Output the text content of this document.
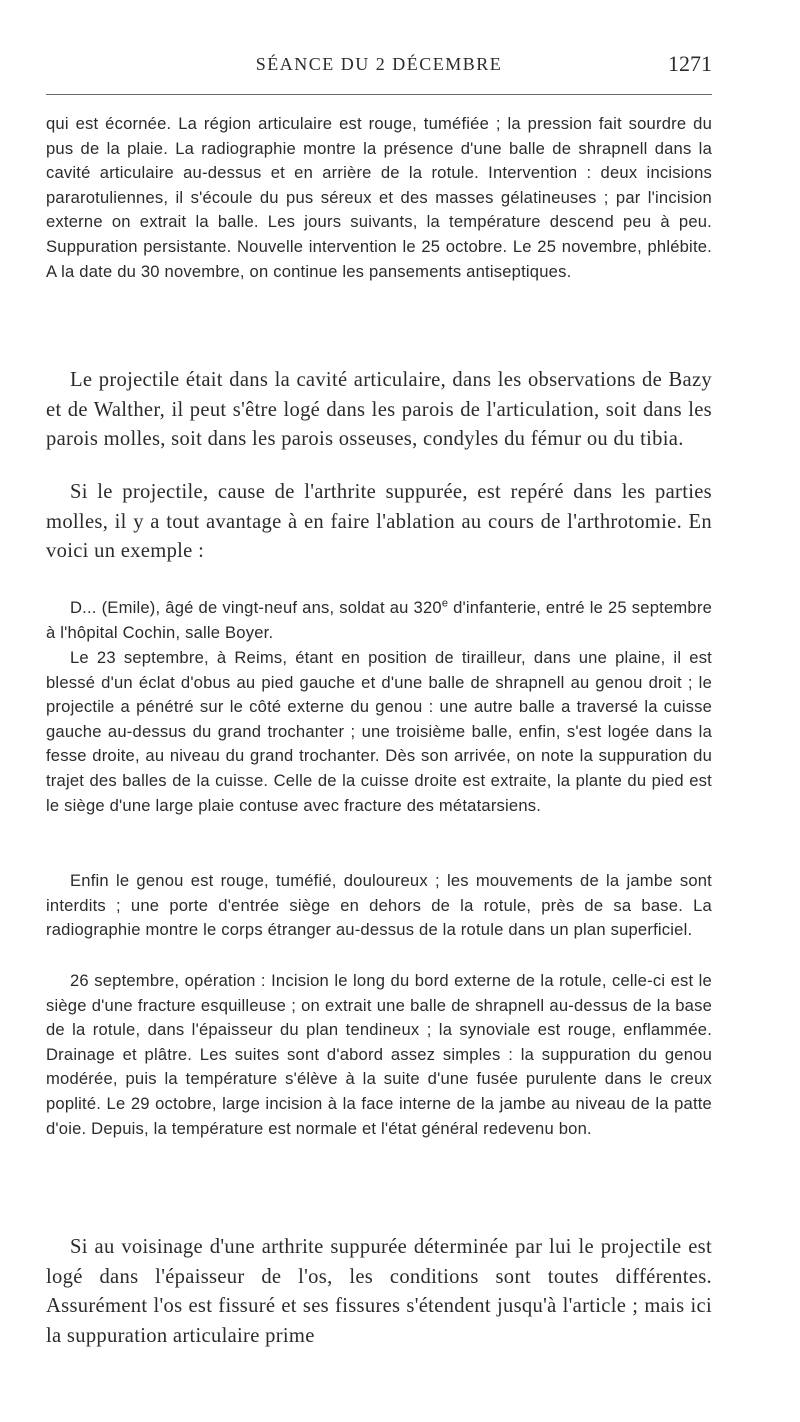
SÉANCE DU 2 DÉCEMBRE	1271

qui est écornée. La région articulaire est rouge, tuméfiée ; la pression fait sourdre du pus de la plaie. La radiographie montre la présence d'une balle de shrapnell dans la cavité articulaire au-dessus et en arrière de la rotule. Intervention : deux incisions pararotuliennes, il s'écoule du pus séreux et des masses gélatineuses ; par l'incision externe on extrait la balle. Les jours suivants, la température descend peu à peu. Suppuration persistante. Nouvelle intervention le 25 octobre. Le 25 novembre, phlébite. A la date du 30 novembre, on continue les pansements antiseptiques.

Le projectile était dans la cavité articulaire, dans les observations de Bazy et de Walther, il peut s'être logé dans les parois de l'articulation, soit dans les parois molles, soit dans les parois osseuses, condyles du fémur ou du tibia.

Si le projectile, cause de l'arthrite suppurée, est repéré dans les parties molles, il y a tout avantage à en faire l'ablation au cours de l'arthrotomie. En voici un exemple :

D... (Emile), âgé de vingt-neuf ans, soldat au 320e d'infanterie, entré le 25 septembre à l'hôpital Cochin, salle Boyer.

Le 23 septembre, à Reims, étant en position de tirailleur, dans une plaine, il est blessé d'un éclat d'obus au pied gauche et d'une balle de shrapnell au genou droit ; le projectile a pénétré sur le côté externe du genou : une autre balle a traversé la cuisse gauche au-dessus du grand trochanter ; une troisième balle, enfin, s'est logée dans la fesse droite, au niveau du grand trochanter. Dès son arrivée, on note la suppuration du trajet des balles de la cuisse. Celle de la cuisse droite est extraite, la plante du pied est le siège d'une large plaie contuse avec fracture des métatarsiens.

Enfin le genou est rouge, tuméfié, douloureux ; les mouvements de la jambe sont interdits ; une porte d'entrée siège en dehors de la rotule, près de sa base. La radiographie montre le corps étranger au-dessus de la rotule dans un plan superficiel.

26 septembre, opération : Incision le long du bord externe de la rotule, celle-ci est le siège d'une fracture esquilleuse ; on extrait une balle de shrapnell au-dessus de la base de la rotule, dans l'épaisseur du plan tendineux ; la synoviale est rouge, enflammée. Drainage et plâtre. Les suites sont d'abord assez simples : la suppuration du genou modérée, puis la température s'élève à la suite d'une fusée purulente dans le creux poplité. Le 29 octobre, large incision à la face interne de la jambe au niveau de la patte d'oie. Depuis, la température est normale et l'état général redevenu bon.

Si au voisinage d'une arthrite suppurée déterminée par lui le projectile est logé dans l'épaisseur de l'os, les conditions sont toutes différentes. Assurément l'os est fissuré et ses fissures s'étendent jusqu'à l'article ; mais ici la suppuration articulaire prime
